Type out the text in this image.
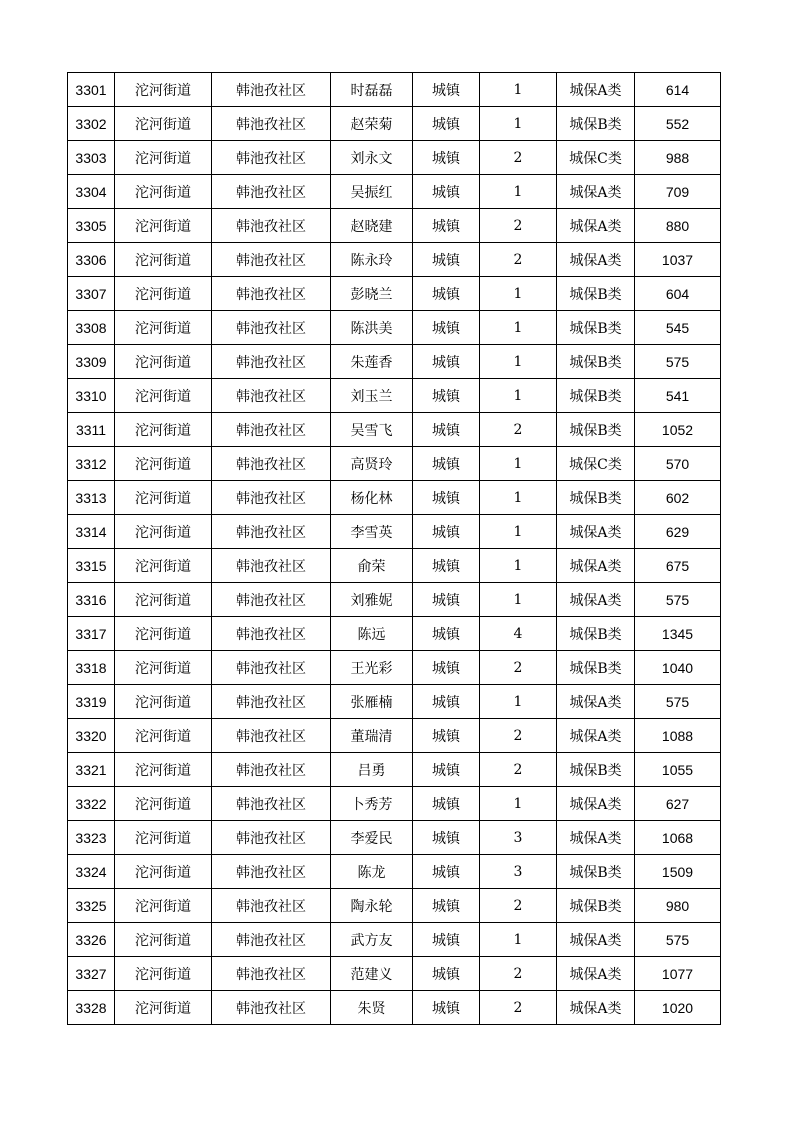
3301	沱河街道	韩池孜社区	时磊磊	城镇	1	城保A类	614
3302	沱河街道	韩池孜社区	赵荣菊	城镇	1	城保B类	552
3303	沱河街道	韩池孜社区	刘永文	城镇	2	城保C类	988
3304	沱河街道	韩池孜社区	吴振红	城镇	1	城保A类	709
3305	沱河街道	韩池孜社区	赵晓建	城镇	2	城保A类	880
3306	沱河街道	韩池孜社区	陈永玲	城镇	2	城保A类	1037
3307	沱河街道	韩池孜社区	彭晓兰	城镇	1	城保B类	604
3308	沱河街道	韩池孜社区	陈洪美	城镇	1	城保B类	545
3309	沱河街道	韩池孜社区	朱莲香	城镇	1	城保B类	575
3310	沱河街道	韩池孜社区	刘玉兰	城镇	1	城保B类	541
3311	沱河街道	韩池孜社区	吴雪飞	城镇	2	城保B类	1052
3312	沱河街道	韩池孜社区	高贤玲	城镇	1	城保C类	570
3313	沱河街道	韩池孜社区	杨化林	城镇	1	城保B类	602
3314	沱河街道	韩池孜社区	李雪英	城镇	1	城保A类	629
3315	沱河街道	韩池孜社区	俞荣	城镇	1	城保A类	675
3316	沱河街道	韩池孜社区	刘雅妮	城镇	1	城保A类	575
3317	沱河街道	韩池孜社区	陈远	城镇	4	城保B类	1345
3318	沱河街道	韩池孜社区	王光彩	城镇	2	城保B类	1040
3319	沱河街道	韩池孜社区	张雁楠	城镇	1	城保A类	575
3320	沱河街道	韩池孜社区	董瑞清	城镇	2	城保A类	1088
3321	沱河街道	韩池孜社区	吕勇	城镇	2	城保B类	1055
3322	沱河街道	韩池孜社区	卜秀芳	城镇	1	城保A类	627
3323	沱河街道	韩池孜社区	李爱民	城镇	3	城保A类	1068
3324	沱河街道	韩池孜社区	陈龙	城镇	3	城保B类	1509
3325	沱河街道	韩池孜社区	陶永轮	城镇	2	城保B类	980
3326	沱河街道	韩池孜社区	武方友	城镇	1	城保A类	575
3327	沱河街道	韩池孜社区	范建义	城镇	2	城保A类	1077
3328	沱河街道	韩池孜社区	朱贤	城镇	2	城保A类	1020
